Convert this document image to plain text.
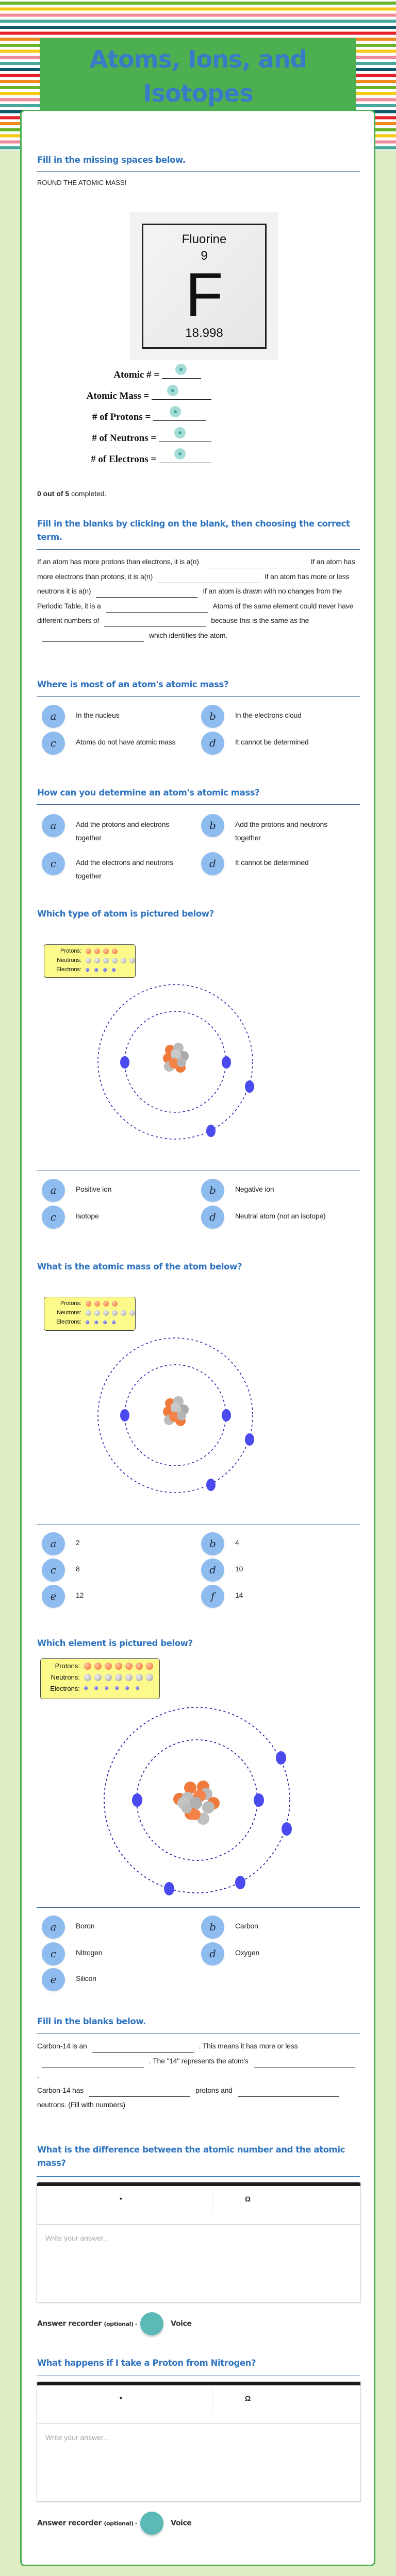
Atoms, Ions, and Isotopes
Fill in the missing spaces below.
ROUND THE ATOMIC MASS!
Fluorine
9
F
18.998
Atomic # =
Atomic Mass =
# of Protons =
# of Neutrons =
# of Electrons =
0 out of 5 completed.
Fill in the blanks by clicking on the blank, then choosing the correct term.
If an atom has more protons than electrons, it is a(n)	If an atom has more electrons than protons, it is a(n)	If an atom has more or less neutrons it is a(n)	If an atom is drawn with no changes from the Periodic Table, it is a	Atoms of the same element could never have different numbers of	because this is the same as thewhich identifies the atom.
Where is most of an atom's atomic mass?
a	In the nucleus	b	In the electrons cloud
c	Atoms do not have atomic mass	d	It cannot be determined
How can you determine an atom's atomic mass?
a	Add the protons and electrons together
b	Add the protons and neutrons together
c	Add the electrons and neutrons together
d	It cannot be determined
Which type of atom is pictured below?
Protons:
Neutrons:
Electrons:
a	Positive ion	b	Negative ion
c	Isotope	d	Neutral atom (not an isotope)
What is the atomic mass of the atom below?
Protons:
Neutrons:
Electrons:
a	2	b	4
c	8	d	10
e	12	f	14
Which element is pictured below?
Protons:
Neutrons:
Electrons:
a	Boron	b	Carbon
c	Nitrogen	d	Oxygen
e	Silicon
Fill in the blanks below.
Carbon-14 is an	. This means it has more or less. The "14" represents the atom's.
Carbon-14 has	protons andneutrons. (Fill with numbers)
What is the difference between the atomic number and the atomic mass?
▼	Ω
Write your answer...
Answer recorder (optional) -	Voice
What happens if I take a Proton from Nitrogen?
▼	Ω
Write your answer...
Answer recorder (optional) -	Voice
